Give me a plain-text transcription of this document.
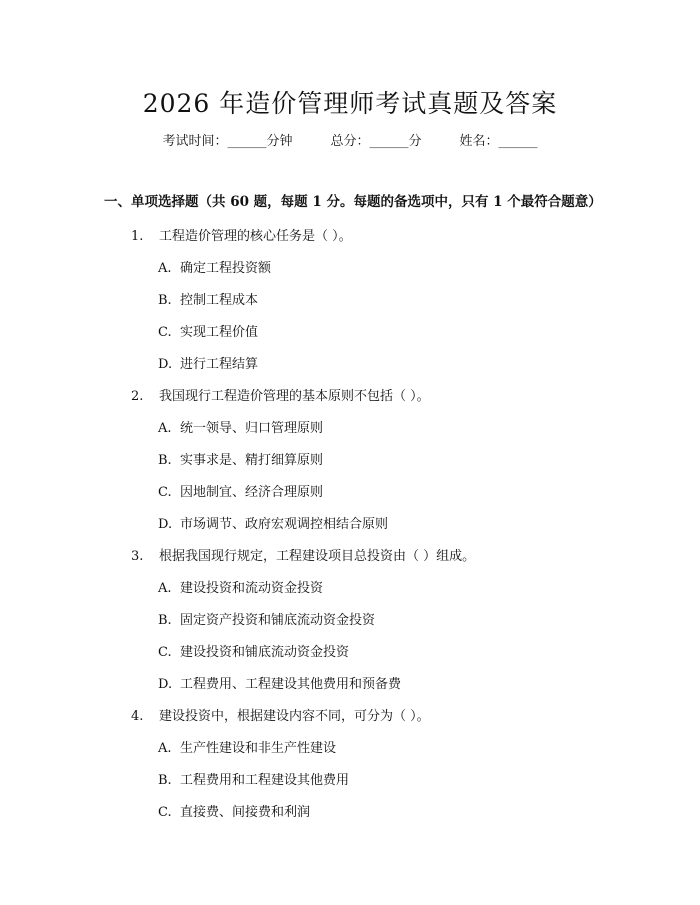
2026 年造价管理师考试真题及答案
考试时间：______分钟	总分：______分	姓名：______
一、单项选择题（共 60 题，每题 1 分。每题的备选项中，只有 1 个最符合题意）
1. 工程造价管理的核心任务是（ ）。
A. 确定工程投资额
B. 控制工程成本
C. 实现工程价值
D. 进行工程结算
2. 我国现行工程造价管理的基本原则不包括（ ）。
A. 统一领导、归口管理原则
B. 实事求是、精打细算原则
C. 因地制宜、经济合理原则
D. 市场调节、政府宏观调控相结合原则
3. 根据我国现行规定，工程建设项目总投资由（ ）组成。
A. 建设投资和流动资金投资
B. 固定资产投资和铺底流动资金投资
C. 建设投资和铺底流动资金投资
D. 工程费用、工程建设其他费用和预备费
4. 建设投资中，根据建设内容不同，可分为（ ）。
A. 生产性建设和非生产性建设
B. 工程费用和工程建设其他费用
C. 直接费、间接费和利润
